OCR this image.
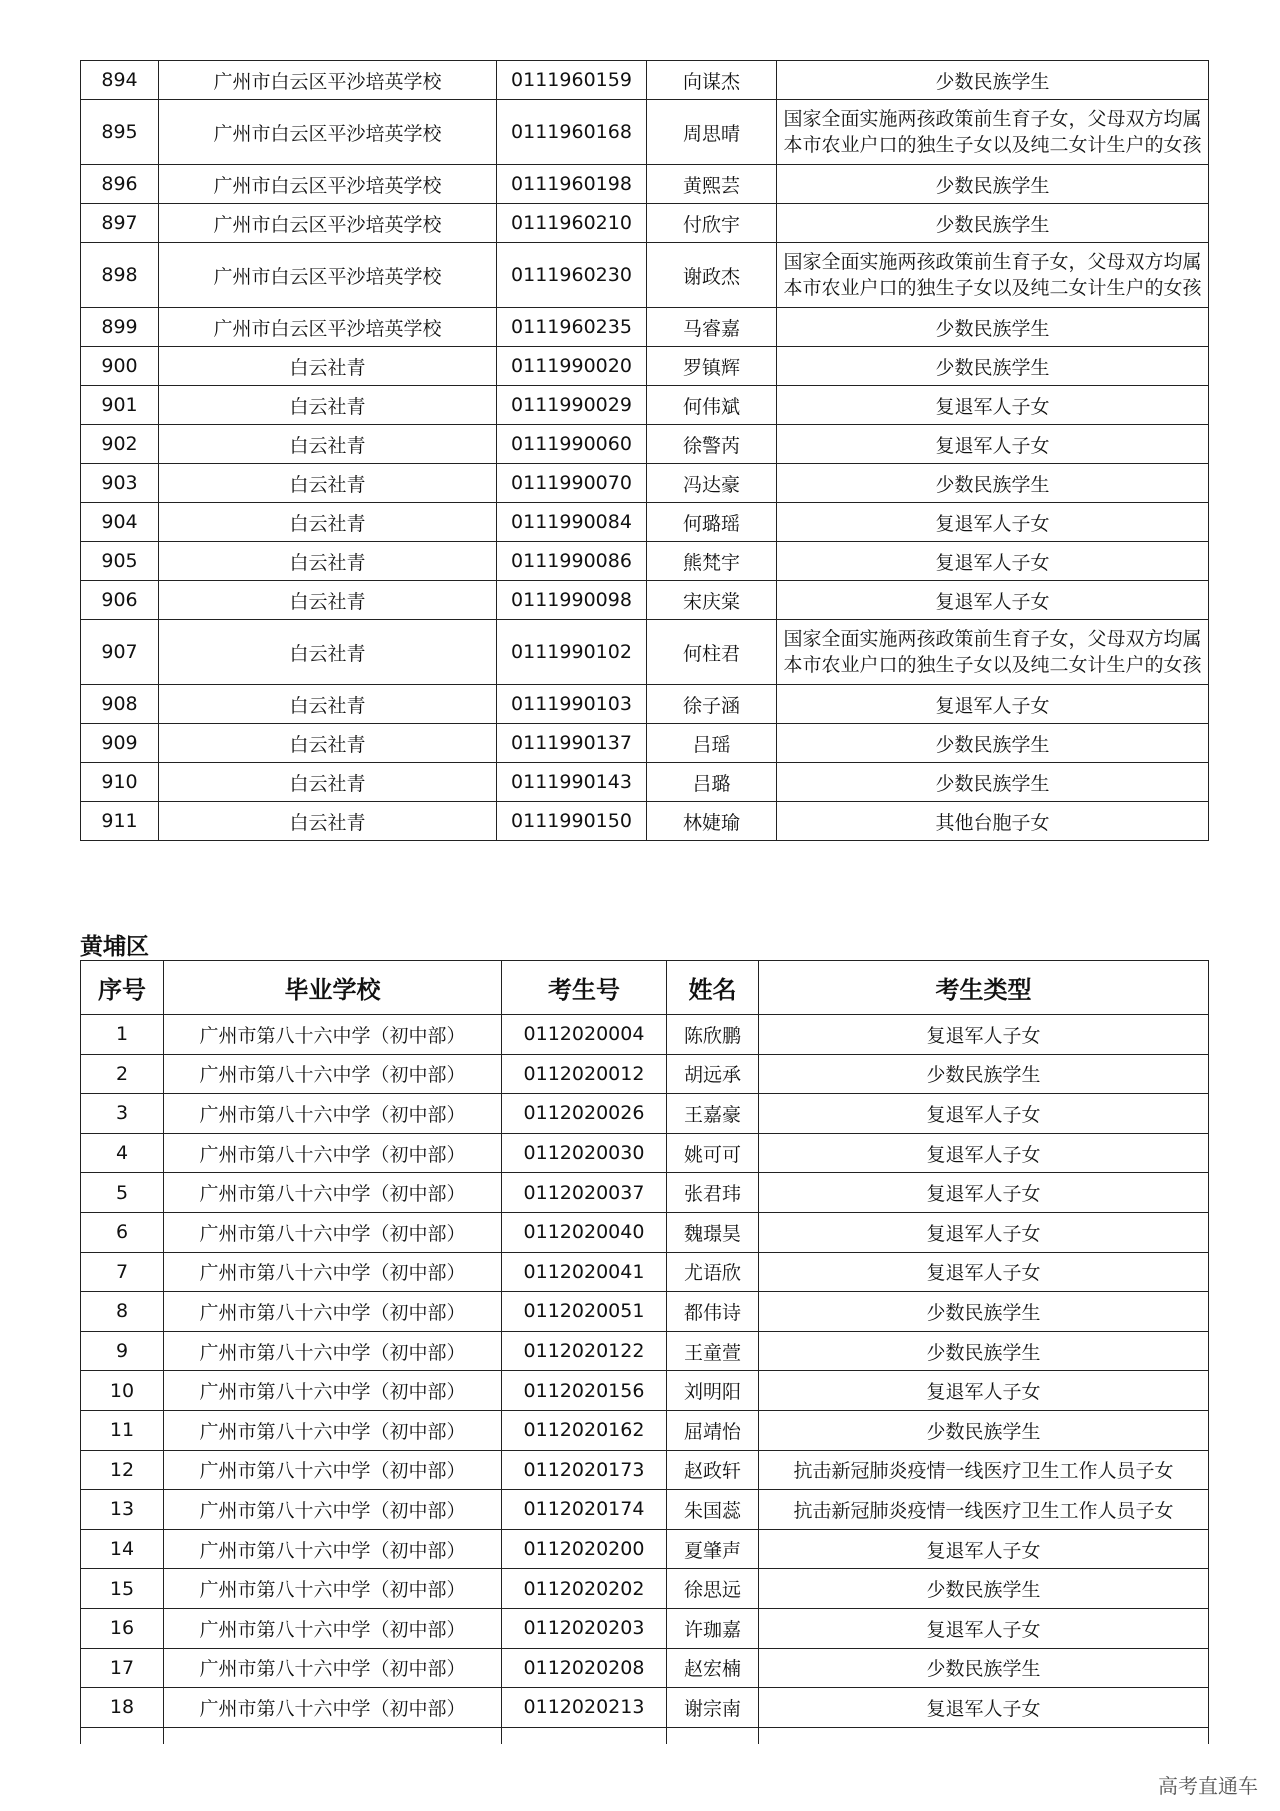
894	广州市白云区平沙培英学校	0111960159	向谋杰	少数民族学生
895	广州市白云区平沙培英学校	0111960168	周思晴	国家全面实施两孩政策前生育子女，父母双方均属本市农业户口的独生子女以及纯二女计生户的女孩
896	广州市白云区平沙培英学校	0111960198	黄熙芸	少数民族学生
897	广州市白云区平沙培英学校	0111960210	付欣宇	少数民族学生
898	广州市白云区平沙培英学校	0111960230	谢政杰	国家全面实施两孩政策前生育子女，父母双方均属本市农业户口的独生子女以及纯二女计生户的女孩
899	广州市白云区平沙培英学校	0111960235	马睿嘉	少数民族学生
900	白云社青	0111990020	罗镇辉	少数民族学生
901	白云社青	0111990029	何伟斌	复退军人子女
902	白云社青	0111990060	徐警芮	复退军人子女
903	白云社青	0111990070	冯达豪	少数民族学生
904	白云社青	0111990084	何璐瑶	复退军人子女
905	白云社青	0111990086	熊梵宇	复退军人子女
906	白云社青	0111990098	宋庆棠	复退军人子女
907	白云社青	0111990102	何柱君	国家全面实施两孩政策前生育子女，父母双方均属本市农业户口的独生子女以及纯二女计生户的女孩
908	白云社青	0111990103	徐子涵	复退军人子女
909	白云社青	0111990137	吕瑶	少数民族学生
910	白云社青	0111990143	吕璐	少数民族学生
911	白云社青	0111990150	林婕瑜	其他台胞子女
黄埔区
序号	毕业学校	考生号	姓名	考生类型
1	广州市第八十六中学（初中部）	0112020004	陈欣鹏	复退军人子女
2	广州市第八十六中学（初中部）	0112020012	胡远承	少数民族学生
3	广州市第八十六中学（初中部）	0112020026	王嘉豪	复退军人子女
4	广州市第八十六中学（初中部）	0112020030	姚可可	复退军人子女
5	广州市第八十六中学（初中部）	0112020037	张君玮	复退军人子女
6	广州市第八十六中学（初中部）	0112020040	魏璟昊	复退军人子女
7	广州市第八十六中学（初中部）	0112020041	尤语欣	复退军人子女
8	广州市第八十六中学（初中部）	0112020051	都伟诗	少数民族学生
9	广州市第八十六中学（初中部）	0112020122	王童萱	少数民族学生
10	广州市第八十六中学（初中部）	0112020156	刘明阳	复退军人子女
11	广州市第八十六中学（初中部）	0112020162	屈靖怡	少数民族学生
12	广州市第八十六中学（初中部）	0112020173	赵政轩	抗击新冠肺炎疫情一线医疗卫生工作人员子女
13	广州市第八十六中学（初中部）	0112020174	朱国蕊	抗击新冠肺炎疫情一线医疗卫生工作人员子女
14	广州市第八十六中学（初中部）	0112020200	夏肇声	复退军人子女
15	广州市第八十六中学（初中部）	0112020202	徐思远	少数民族学生
16	广州市第八十六中学（初中部）	0112020203	许珈嘉	复退军人子女
17	广州市第八十六中学（初中部）	0112020208	赵宏楠	少数民族学生
18	广州市第八十六中学（初中部）	0112020213	谢宗南	复退军人子女

高考直通车
